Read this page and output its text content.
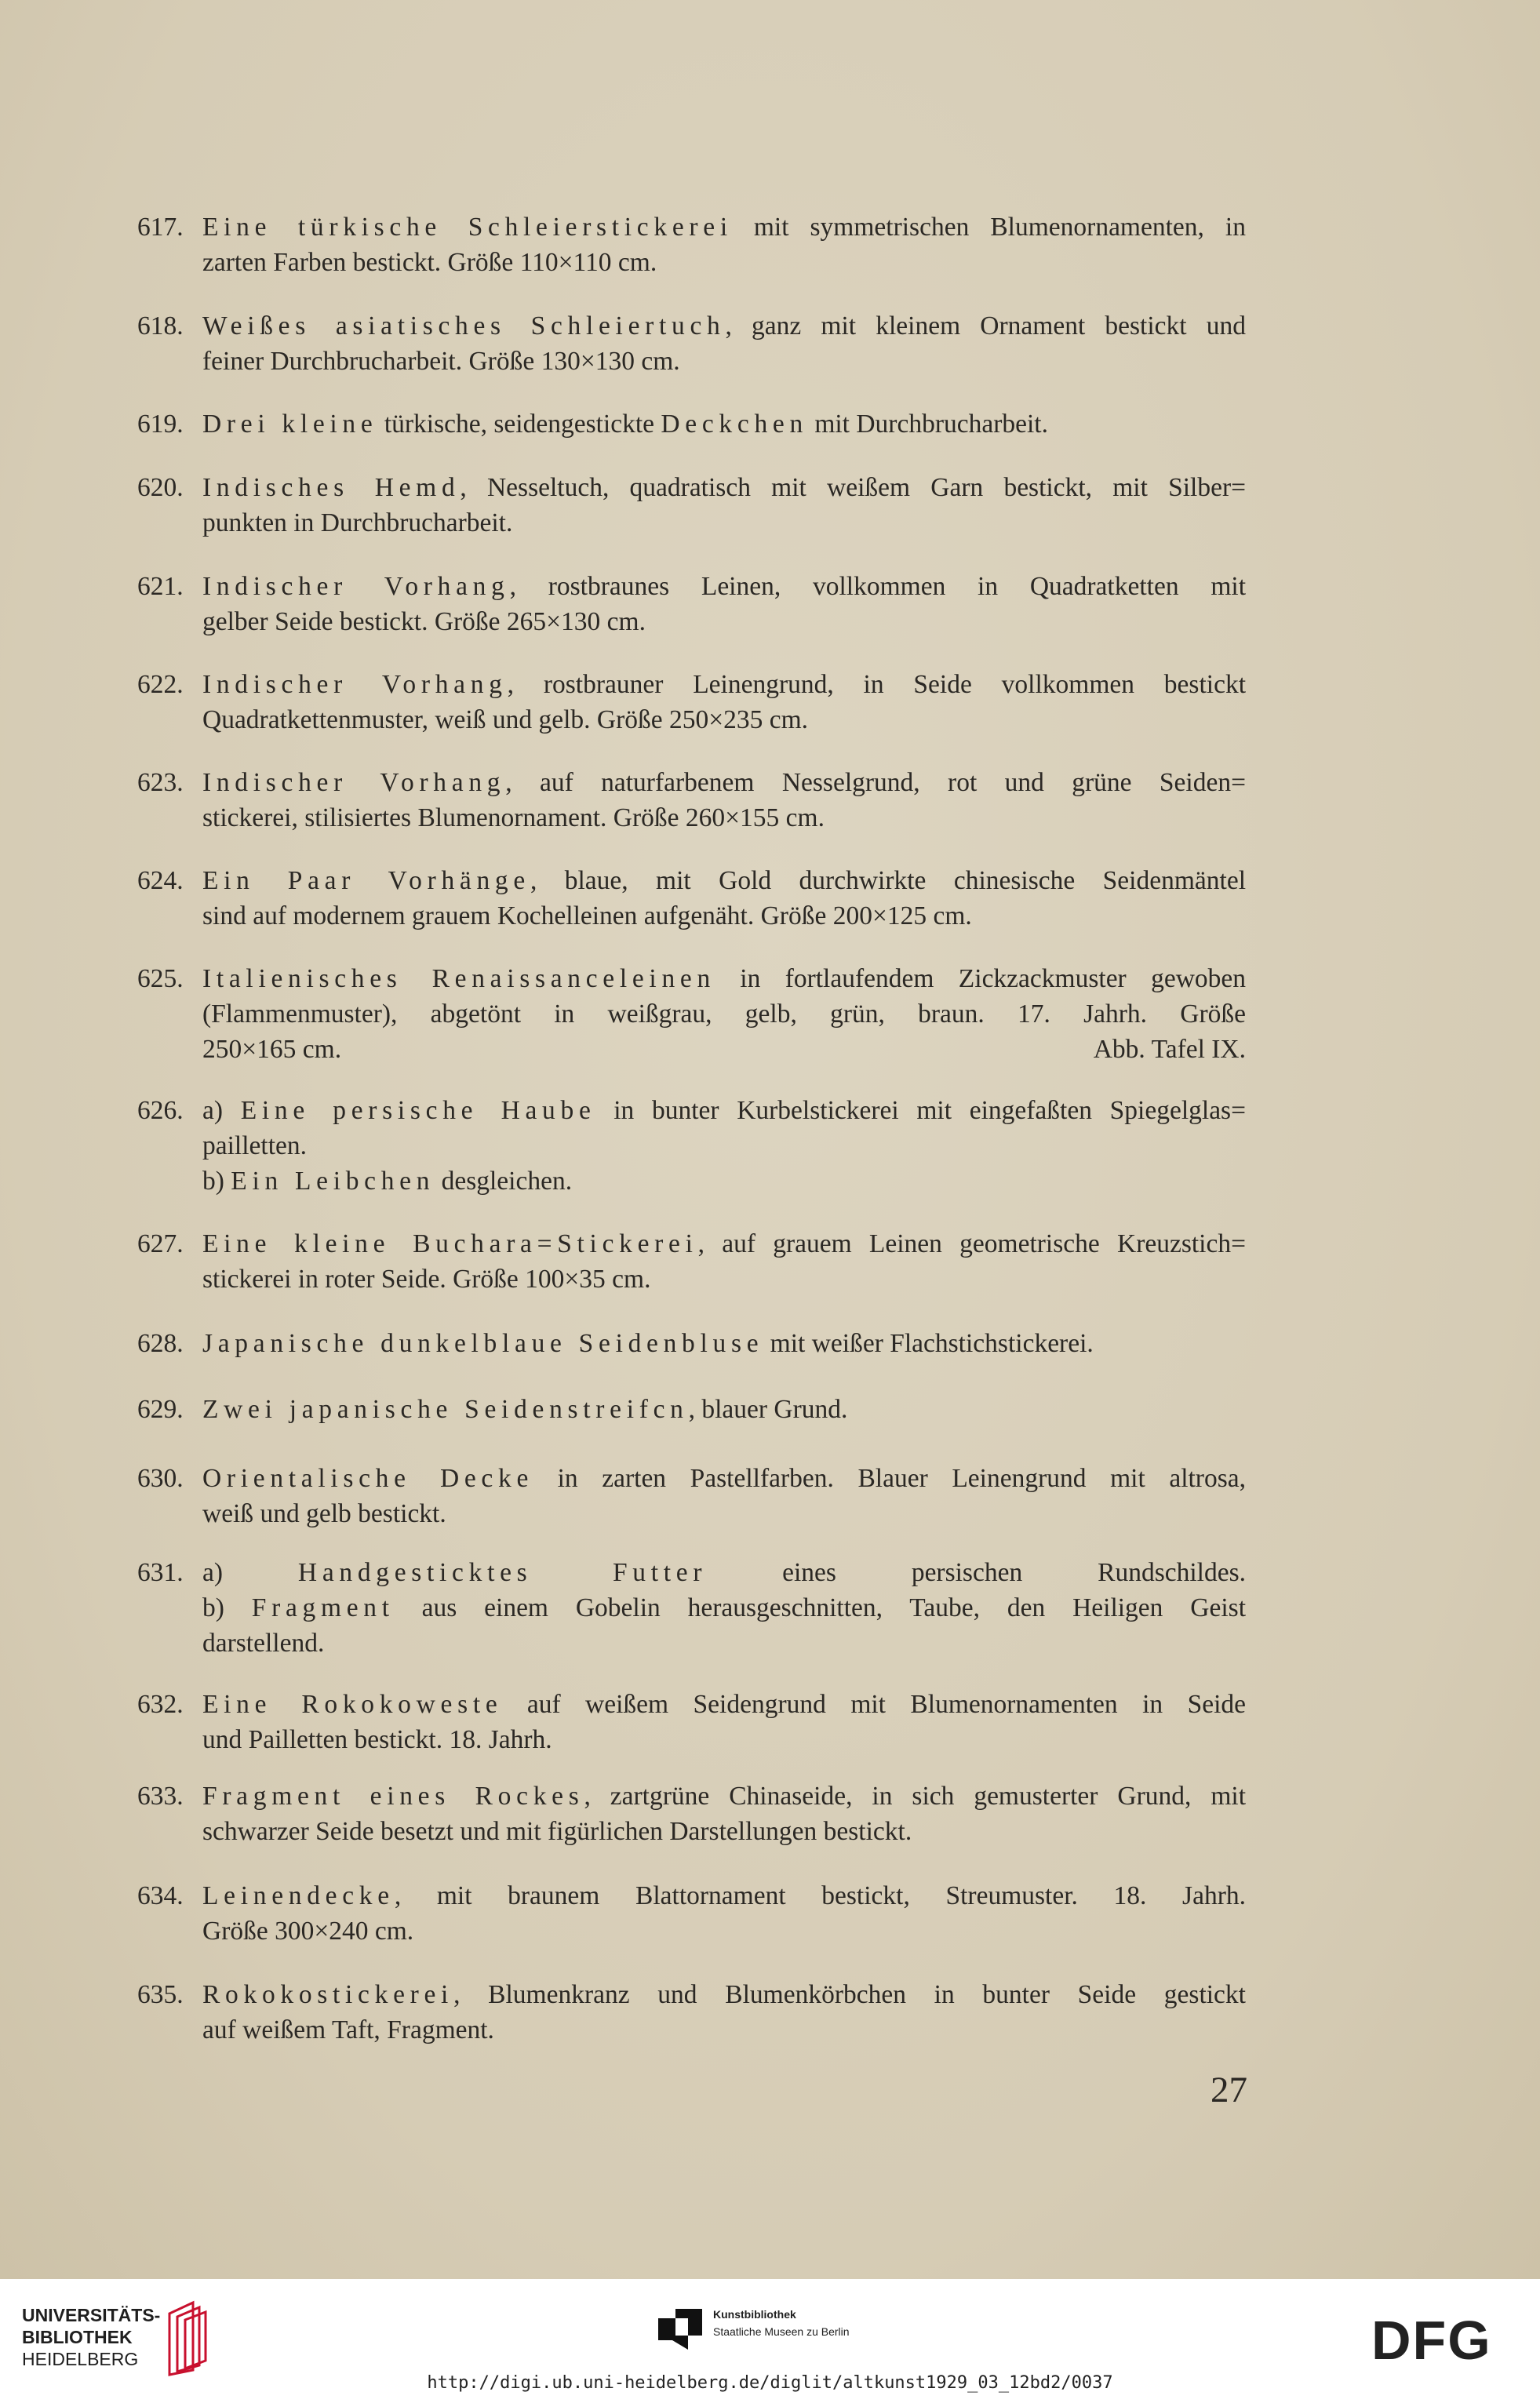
617. Eine türkische Schleierstickerei mit symmetrischen Blumenornamenten, in
zarten Farben bestickt. Größe 110×110 cm.
618. Weißes asiatisches Schleiertuch, ganz mit kleinem Ornament bestickt und
feiner Durchbrucharbeit. Größe 130×130 cm.
619. Drei kleine türkische, seidengestickte Deckchen mit Durchbrucharbeit.
620. Indisches Hemd, Nesseltuch, quadratisch mit weißem Garn bestickt, mit Silber=
punkten in Durchbrucharbeit.
621. Indischer Vorhang, rostbraunes Leinen, vollkommen in Quadratketten mit
gelber Seide bestickt. Größe 265×130 cm.
622. Indischer Vorhang, rostbrauner Leinengrund, in Seide vollkommen bestickt
Quadratkettenmuster, weiß und gelb. Größe 250×235 cm.
623. Indischer Vorhang, auf naturfarbenem Nesselgrund, rot und grüne Seiden=
stickerei, stilisiertes Blumenornament. Größe 260×155 cm.
624. Ein Paar Vorhänge, blaue, mit Gold durchwirkte chinesische Seidenmäntel
sind auf modernem grauem Kochelleinen aufgenäht. Größe 200×125 cm.
625. Italienisches Renaissanceleinen in fortlaufendem Zickzackmuster gewoben
(Flammenmuster), abgetönt in weißgrau, gelb, grün, braun. 17. Jahrh. Größe
250×165 cm.	Abb. Tafel IX.
626. a) Eine persische Haube in bunter Kurbelstickerei mit eingefaßten Spiegelglas=
pailletten.
b) Ein Leibchen desgleichen.
627. Eine kleine Buchara=Stickerei, auf grauem Leinen geometrische Kreuzstich=
stickerei in roter Seide. Größe 100×35 cm.
628. Japanische dunkelblaue Seidenbluse mit weißer Flachstichstickerei.
629. Zwei japanische Seidenstreifcn, blauer Grund.
630. Orientalische Decke in zarten Pastellfarben. Blauer Leinengrund mit altrosa,
weiß und gelb bestickt.
631. a) Handgesticktes Futter eines persischen Rundschildes.
b) Fragment aus einem Gobelin herausgeschnitten, Taube, den Heiligen Geist
darstellend.
632. Eine Rokokoweste auf weißem Seidengrund mit Blumenornamenten in Seide
und Pailletten bestickt. 18. Jahrh.
633. Fragment eines Rockes, zartgrüne Chinaseide, in sich gemusterter Grund, mit
schwarzer Seide besetzt und mit figürlichen Darstellungen bestickt.
634. Leinendecke, mit braunem Blattornament bestickt, Streumuster. 18. Jahrh.
Größe 300×240 cm.
635. Rokokostickerei, Blumenkranz und Blumenkörbchen in bunter Seide gestickt
auf weißem Taft, Fragment.
27
UNIVERSITÄTS-
BIBLIOTHEK
HEIDELBERG
Kunstbibliothek
Staatliche Museen zu Berlin	DFG
http://digi.ub.uni-heidelberg.de/diglit/altkunst1929_03_12bd2/0037
